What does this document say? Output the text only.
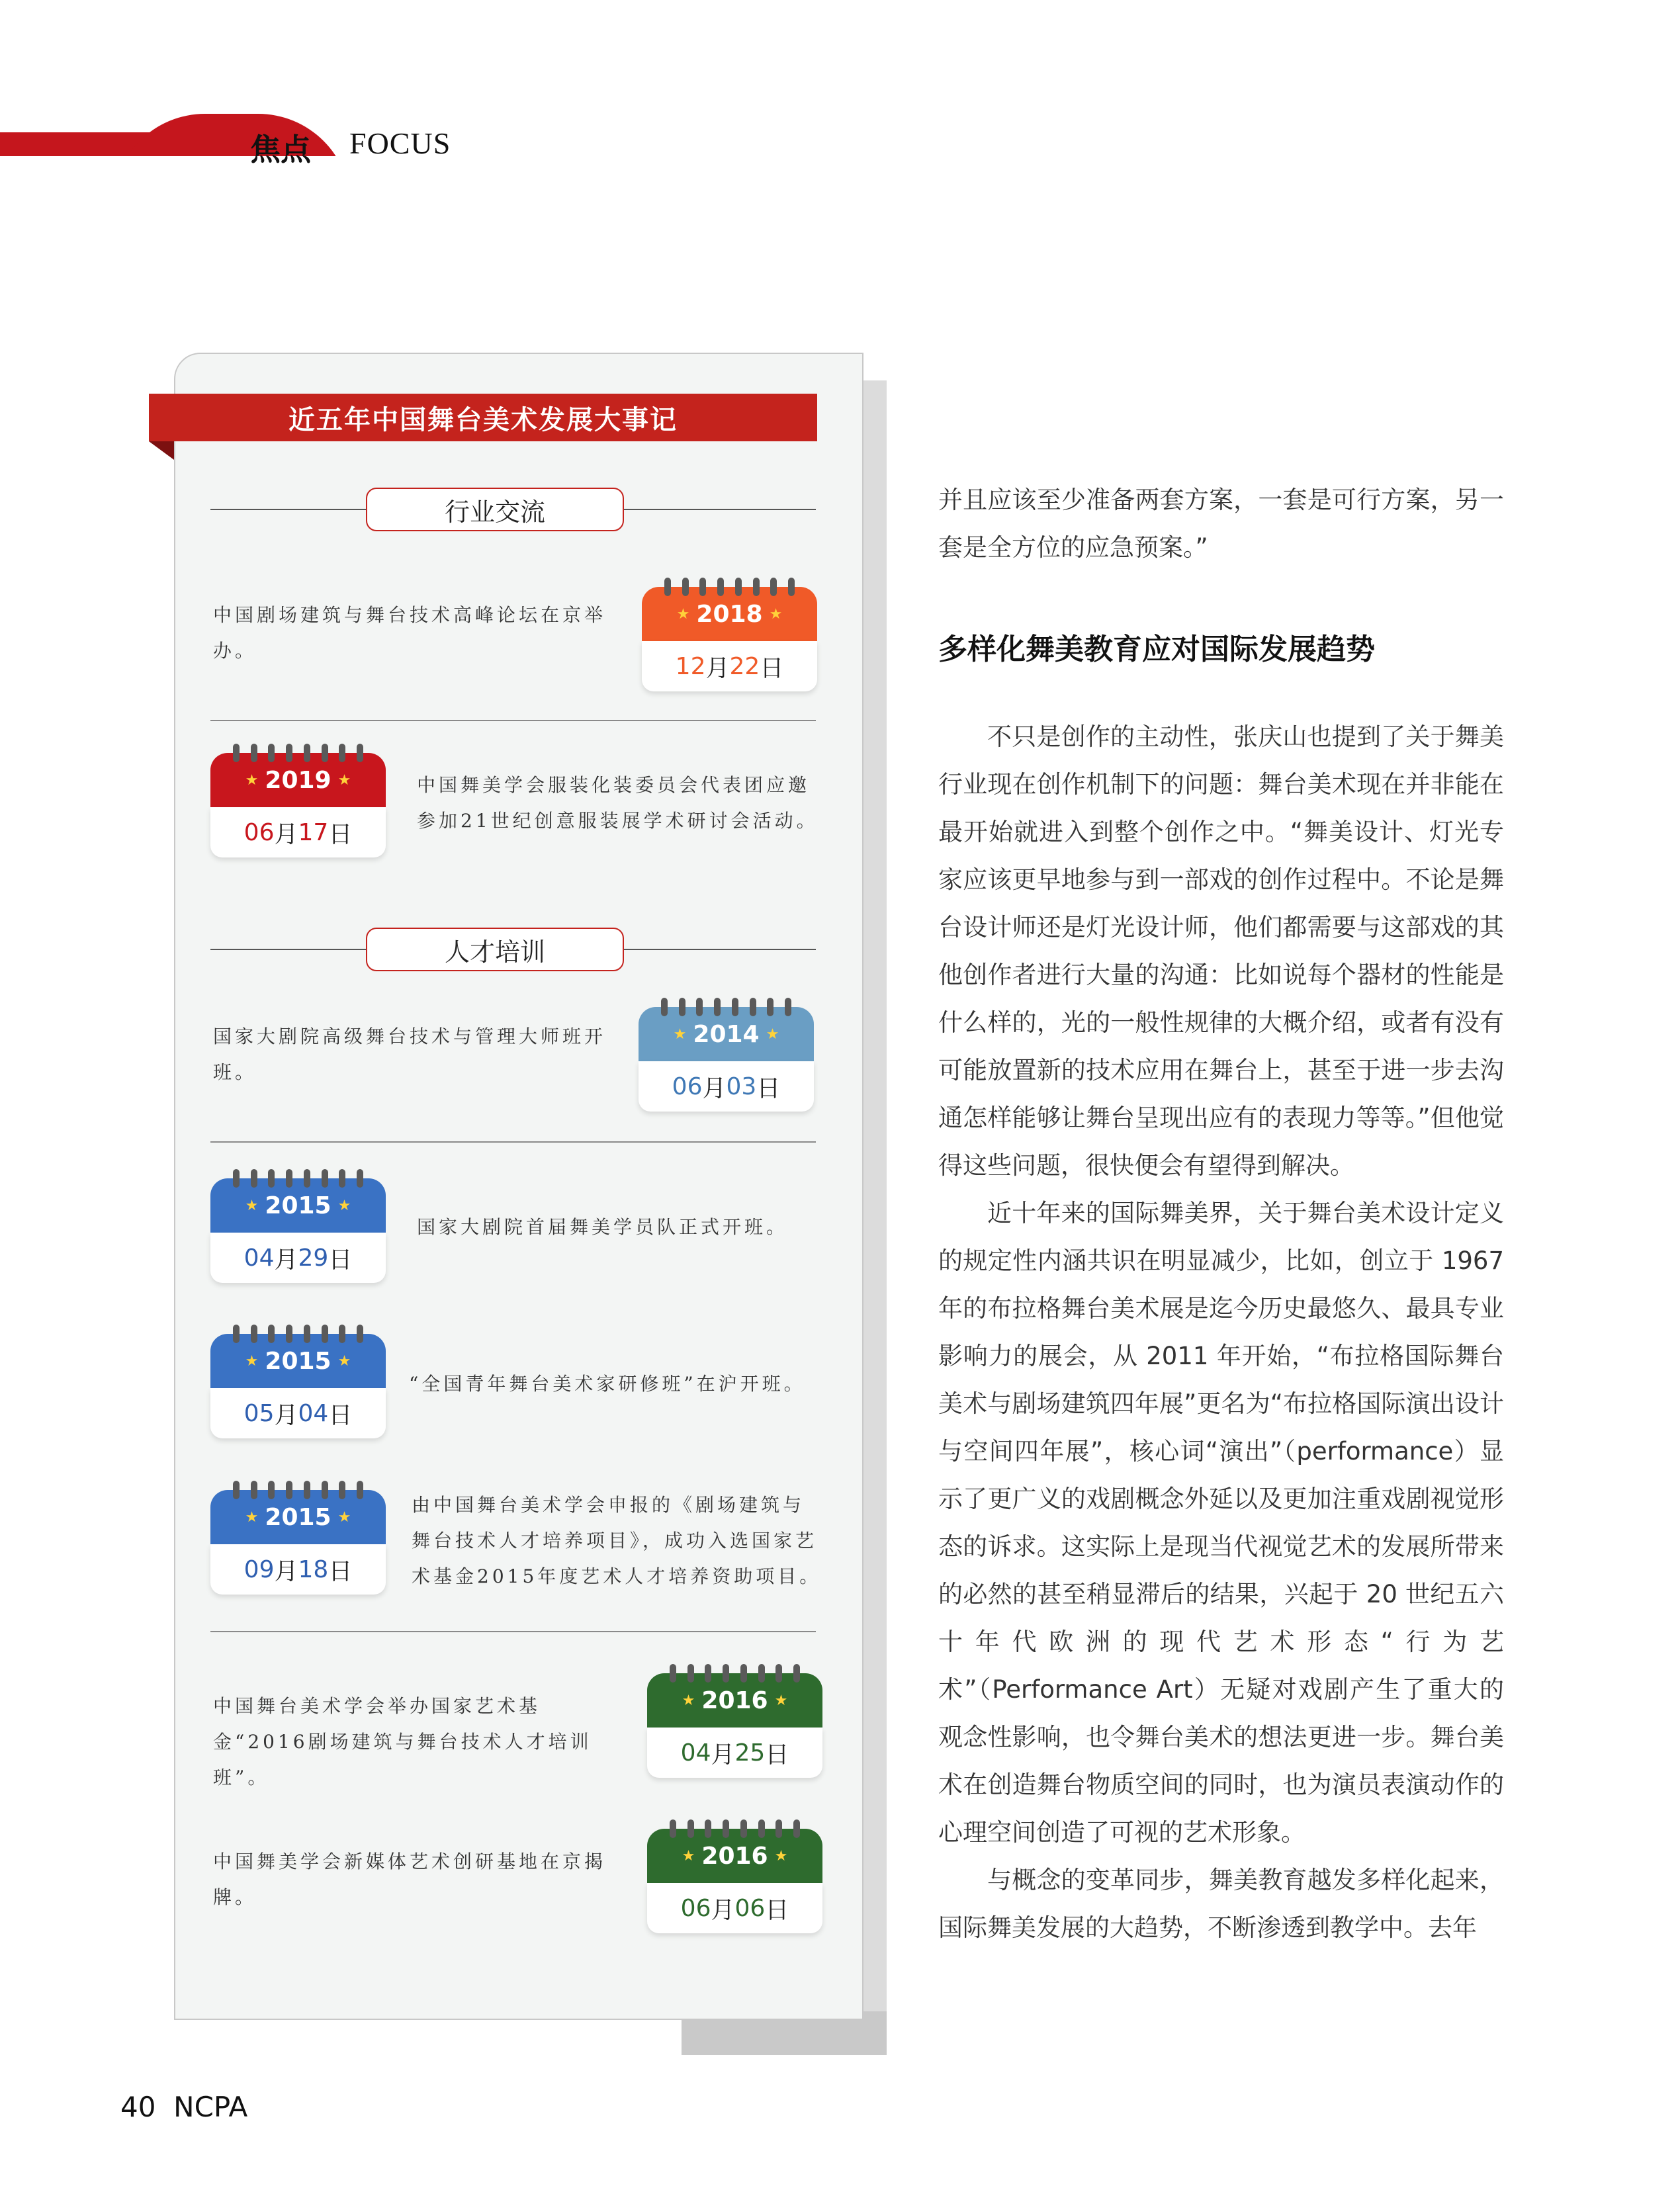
焦点 FOCUS
近五年中国舞台美术发展大事记
行业交流
中国剧场建筑与舞台技术高峰论坛在京举办。
★ 2018 ★
12 月 22 日
★ 2019 ★
06 月 17 日
中国舞美学会服装化装委员会代表团应邀参加21世纪创意服装展学术研讨会活动。
人才培训
国家大剧院高级舞台技术与管理大师班开班。
★ 2014 ★
06 月 03 日
★ 2015 ★
04 月 29 日
国家大剧院首届舞美学员队正式开班。
★ 2015 ★
05 月 04 日
“全国青年舞台美术家研修班”在沪开班。
★ 2015 ★
09 月 18 日
由中国舞台美术学会申报的《剧场建筑与舞台技术人才培养项目》，成功入选国家艺术基金2015年度艺术人才培养资助项目。
中国舞台美术学会举办国家艺术基金“2016剧场建筑与舞台技术人才培训班”。
★ 2016 ★
04 月 25 日
中国舞美学会新媒体艺术创研基地在京揭牌。
★ 2016 ★
06 月 06 日
并且应该至少准备两套方案，一套是可行方案，另一套是全方位的应急预案。”
多样化舞美教育应对国际发展趋势

不只是创作的主动性，张庆山也提到了关于舞美行业现在创作机制下的问题：舞台美术现在并非能在最开始就进入到整个创作之中。“舞美设计、灯光专家应该更早地参与到一部戏的创作过程中。不论是舞台设计师还是灯光设计师，他们都需要与这部戏的其他创作者进行大量的沟通：比如说每个器材的性能是什么样的，光的一般性规律的大概介绍，或者有没有可能放置新的技术应用在舞台上，甚至于进一步去沟通怎样能够让舞台呈现出应有的表现力等等。”但他觉得这些问题，很快便会有望得到解决。

近十年来的国际舞美界，关于舞台美术设计定义的规定性内涵共识在明显减少，比如，创立于 1967 年的布拉格舞台美术展是迄今历史最悠久、最具专业影响力的展会，从 2011 年开始，“布拉格国际舞台美术与剧场建筑四年展”更名为“布拉格国际演出设计与空间四年展”，核心词“演出”（performance）显示了更广义的戏剧概念外延以及更加注重戏剧视觉形态的诉求。这实际上是现当代视觉艺术的发展所带来的必然的甚至稍显滞后的结果，兴起于 20 世纪五六十年代欧洲的现代艺术形态“行为艺术”（Performance Art）无疑对戏剧产生了重大的观念性影响，也令舞台美术的想法更进一步。舞台美术在创造舞台物质空间的同时，也为演员表演动作的心理空间创造了可视的艺术形象。

与概念的变革同步，舞美教育越发多样化起来，国际舞美发展的大趋势，不断渗透到教学中。去年

40 NCPA
